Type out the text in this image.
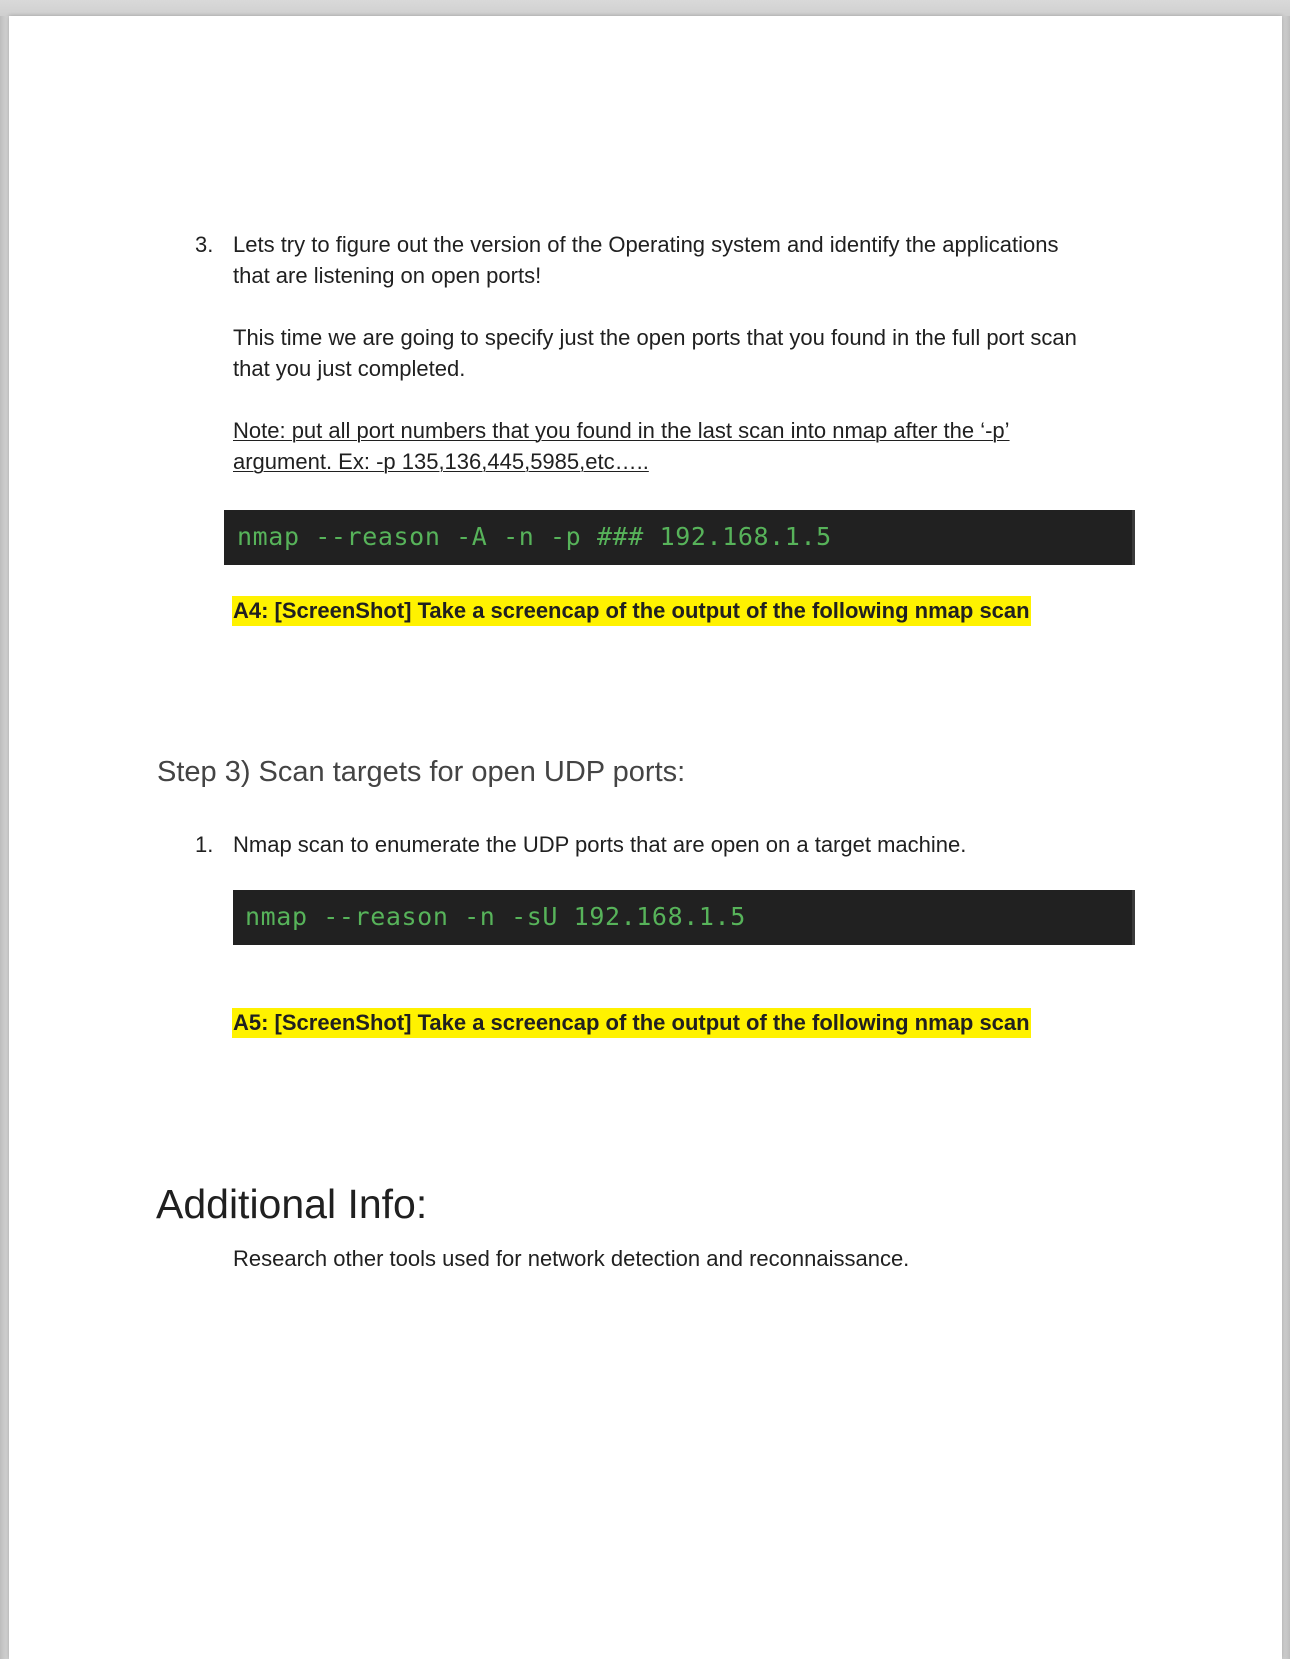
3. Lets try to figure out the version of the Operating system and identify the applications
that are listening on open ports!
This time we are going to specify just the open ports that you found in the full port scan
that you just completed.
Note: put all port numbers that you found in the last scan into nmap after the ‘-p’
argument. Ex: -p 135,136,445,5985,etc…..
nmap --reason -A -n -p ### 192.168.1.5
A4: [ScreenShot] Take a screencap of the output of the following nmap scan
Step 3) Scan targets for open UDP ports:
1. Nmap scan to enumerate the UDP ports that are open on a target machine.
nmap --reason -n -sU 192.168.1.5
A5: [ScreenShot] Take a screencap of the output of the following nmap scan
Additional Info:
Research other tools used for network detection and reconnaissance.
